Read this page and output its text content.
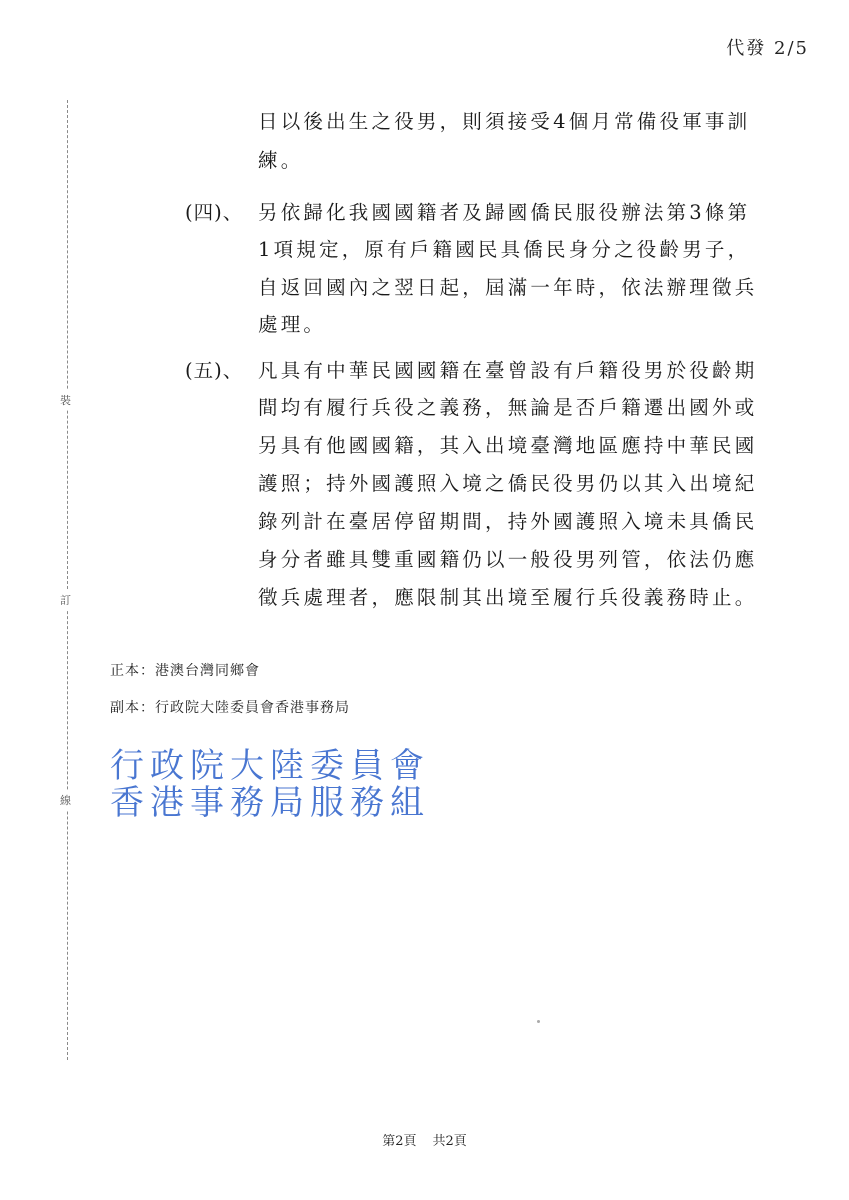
代發 2/5
裝
訂
線
日以後出生之役男，則須接受4個月常備役軍事訓
練。
(四)、 另依歸化我國國籍者及歸國僑民服役辦法第3條第
1項規定，原有戶籍國民具僑民身分之役齡男子，
自返回國內之翌日起，屆滿一年時，依法辦理徵兵
處理。
(五)、 凡具有中華民國國籍在臺曾設有戶籍役男於役齡期
間均有履行兵役之義務，無論是否戶籍遷出國外或
另具有他國國籍，其入出境臺灣地區應持中華民國
護照；持外國護照入境之僑民役男仍以其入出境紀
錄列計在臺居停留期間，持外國護照入境未具僑民
身分者雖具雙重國籍仍以一般役男列管，依法仍應
徵兵處理者，應限制其出境至履行兵役義務時止。
正本：港澳台灣同鄉會
副本：行政院大陸委員會香港事務局
行政院大陸委員會
香港事務局服務組
第2頁 共2頁
